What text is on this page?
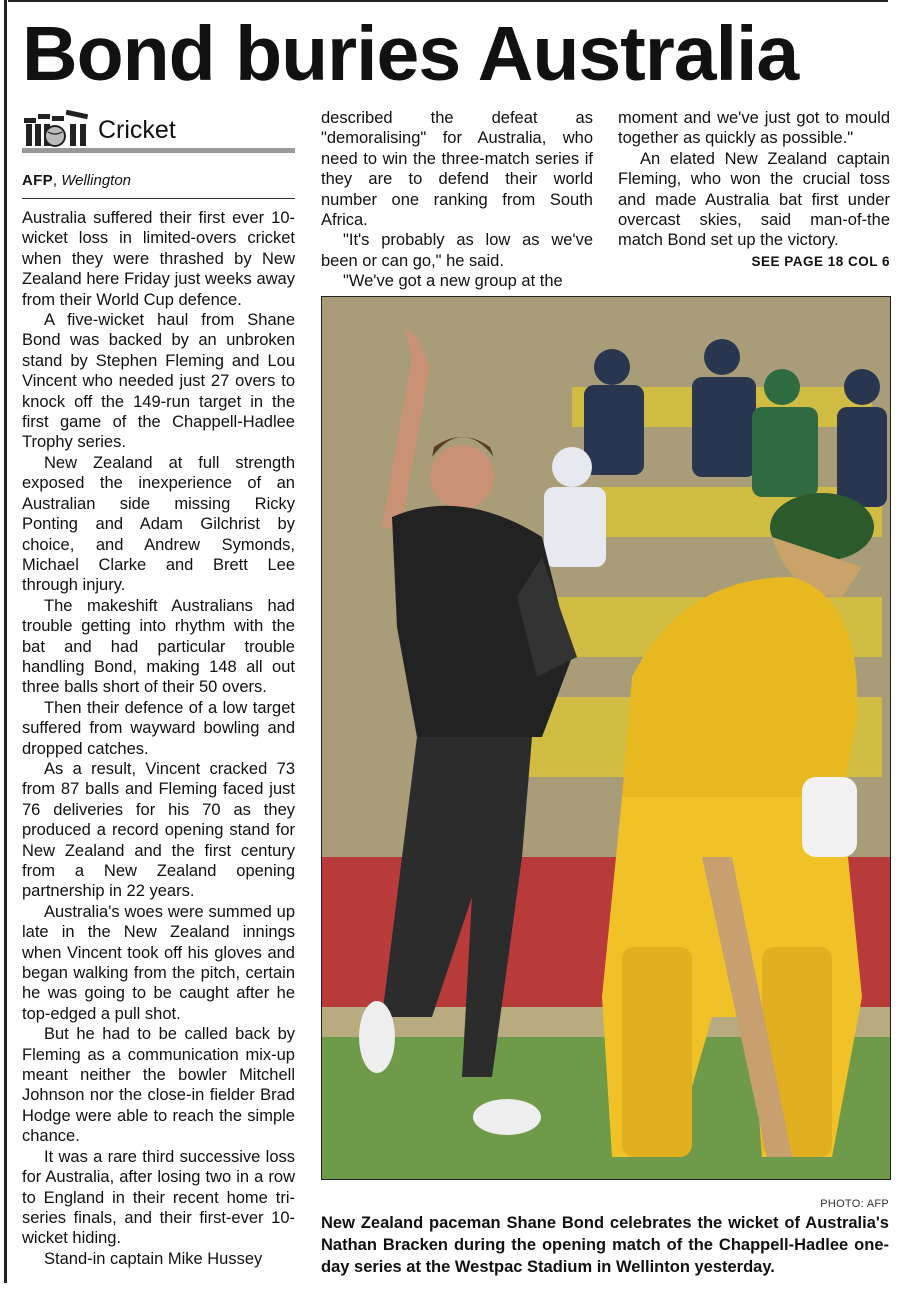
Bond buries Australia
Cricket
AFP, Wellington

Australia suffered their first ever 10-wicket loss in limited-overs cricket when they were thrashed by New Zealand here Friday just weeks away from their World Cup defence.

A five-wicket haul from Shane Bond was backed by an unbroken stand by Stephen Fleming and Lou Vincent who needed just 27 overs to knock off the 149-run target in the first game of the Chappell-Hadlee Trophy series.

New Zealand at full strength exposed the inexperience of an Australian side missing Ricky Ponting and Adam Gilchrist by choice, and Andrew Symonds, Michael Clarke and Brett Lee through injury.

The makeshift Australians had trouble getting into rhythm with the bat and had particular trouble handling Bond, making 148 all out three balls short of their 50 overs.

Then their defence of a low target suffered from wayward bowling and dropped catches.

As a result, Vincent cracked 73 from 87 balls and Fleming faced just 76 deliveries for his 70 as they produced a record opening stand for New Zealand and the first century from a New Zealand opening partnership in 22 years.

Australia's woes were summed up late in the New Zealand innings when Vincent took off his gloves and began walking from the pitch, certain he was going to be caught after he top-edged a pull shot.

But he had to be called back by Fleming as a communication mix-up meant neither the bowler Mitchell Johnson nor the close-in fielder Brad Hodge were able to reach the simple chance.

It was a rare third successive loss for Australia, after losing two in a row to England in their recent home tri-series finals, and their first-ever 10-wicket hiding.

Stand-in captain Mike Hussey

described the defeat as "demoralising" for Australia, who need to win the three-match series if they are to defend their world number one ranking from South Africa.

"It's probably as low as we've been or can go," he said.

"We've got a new group at the

moment and we've just got to mould together as quickly as possible."

An elated New Zealand captain Fleming, who won the crucial toss and made Australia bat first under overcast skies, said man-of-the match Bond set up the victory.

SEE PAGE 18 COL 6
PHOTO: AFP
New Zealand paceman Shane Bond celebrates the wicket of Australia's Nathan Bracken during the opening match of the Chappell-Hadlee one-day series at the Westpac Stadium in Wellinton yesterday.
